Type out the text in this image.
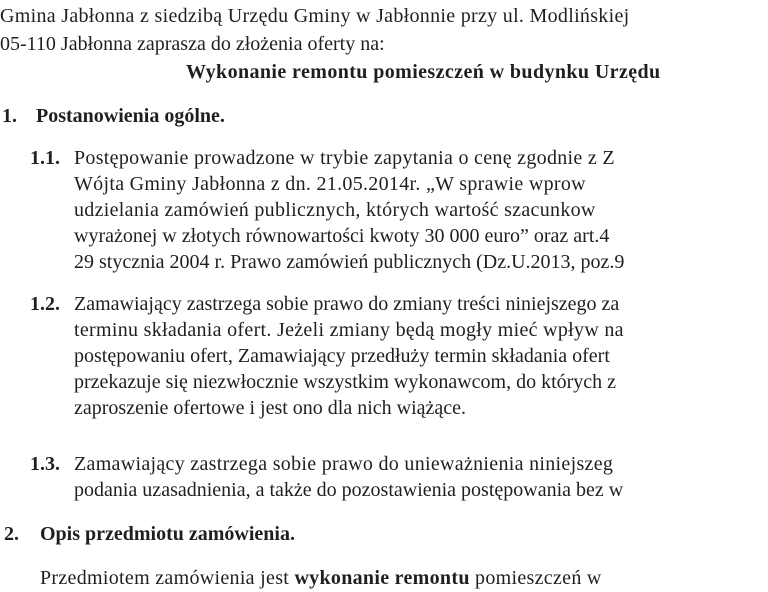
Gmina Jabłonna z siedzibą Urzędu Gminy w Jabłonnie przy ul. Modlińskiej
05-110 Jabłonna zaprasza do złożenia oferty na:
Wykonanie remontu pomieszczeń w budynku Urzędu
1. Postanowienia ogólne.
1.1. Postępowanie prowadzone w trybie zapytania o cenę zgodnie z Z
Wójta Gminy Jabłonna z dn. 21.05.2014r. „W sprawie wprow
udzielania zamówień publicznych, których wartość szacunkow
wyrażonej w złotych równowartości kwoty 30 000 euro” oraz art.4
29 stycznia 2004 r. Prawo zamówień publicznych (Dz.U.2013, poz.9
1.2. Zamawiający zastrzega sobie prawo do zmiany treści niniejszego za
terminu składania ofert. Jeżeli zmiany będą mogły mieć wpływ na
postępowaniu ofert, Zamawiający przedłuży termin składania ofert
przekazuje się niezwłocznie wszystkim wykonawcom, do których z
zaproszenie ofertowe i jest ono dla nich wiążące.
1.3. Zamawiający zastrzega sobie prawo do unieważnienia niniejszeg
podania uzasadnienia, a także do pozostawienia postępowania bez w
2. Opis przedmiotu zamówienia.
Przedmiotem zamówienia jest wykonanie remontu pomieszczeń w
